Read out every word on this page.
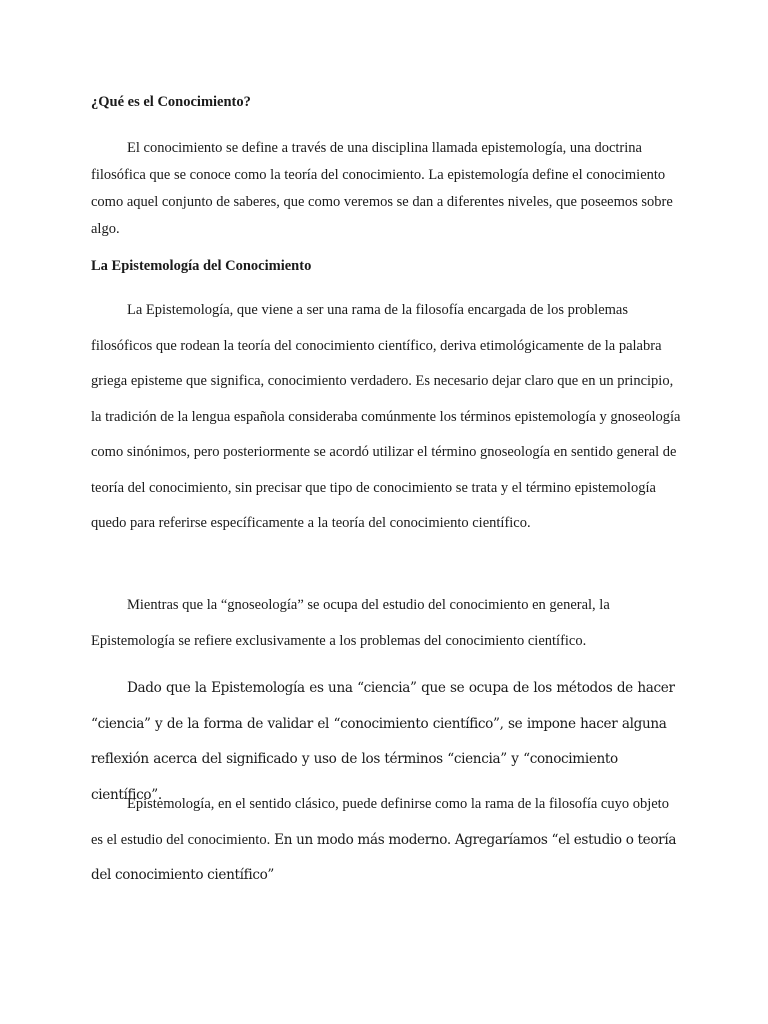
¿Qué es el Conocimiento?

El conocimiento se define a través de una disciplina llamada epistemología, una doctrina filosófica que se conoce como la teoría del conocimiento. La epistemología define el conocimiento como aquel conjunto de saberes, que como veremos se dan a diferentes niveles, que poseemos sobre algo.

La Epistemología del Conocimiento

La Epistemología, que viene a ser una rama de la filosofía encargada de los problemas filosóficos que rodean la teoría del conocimiento científico, deriva etimológicamente de la palabra griega episteme que significa, conocimiento verdadero. Es necesario dejar claro que en un principio, la tradición de la lengua española consideraba comúnmente los términos epistemología y gnoseología como sinónimos, pero posteriormente se acordó utilizar el término gnoseología en sentido general de teoría del conocimiento, sin precisar que tipo de conocimiento se trata y el término epistemología quedo para referirse específicamente a la teoría del conocimiento científico.

Mientras que la “gnoseología” se ocupa del estudio del conocimiento en general, la Epistemología se refiere exclusivamente a los problemas del conocimiento científico.

Dado que la Epistemología es una “ciencia” que se ocupa de los métodos de hacer “ciencia” y de la forma de validar el “conocimiento científico”, se impone hacer alguna reflexión acerca del significado y uso de los términos “ciencia” y “conocimiento científico”.

Epistemología, en el sentido clásico, puede definirse como la rama de la filosofía cuyo objeto es el estudio del conocimiento. En un modo más moderno. Agregaríamos “el estudio o teoría del conocimiento científico”
